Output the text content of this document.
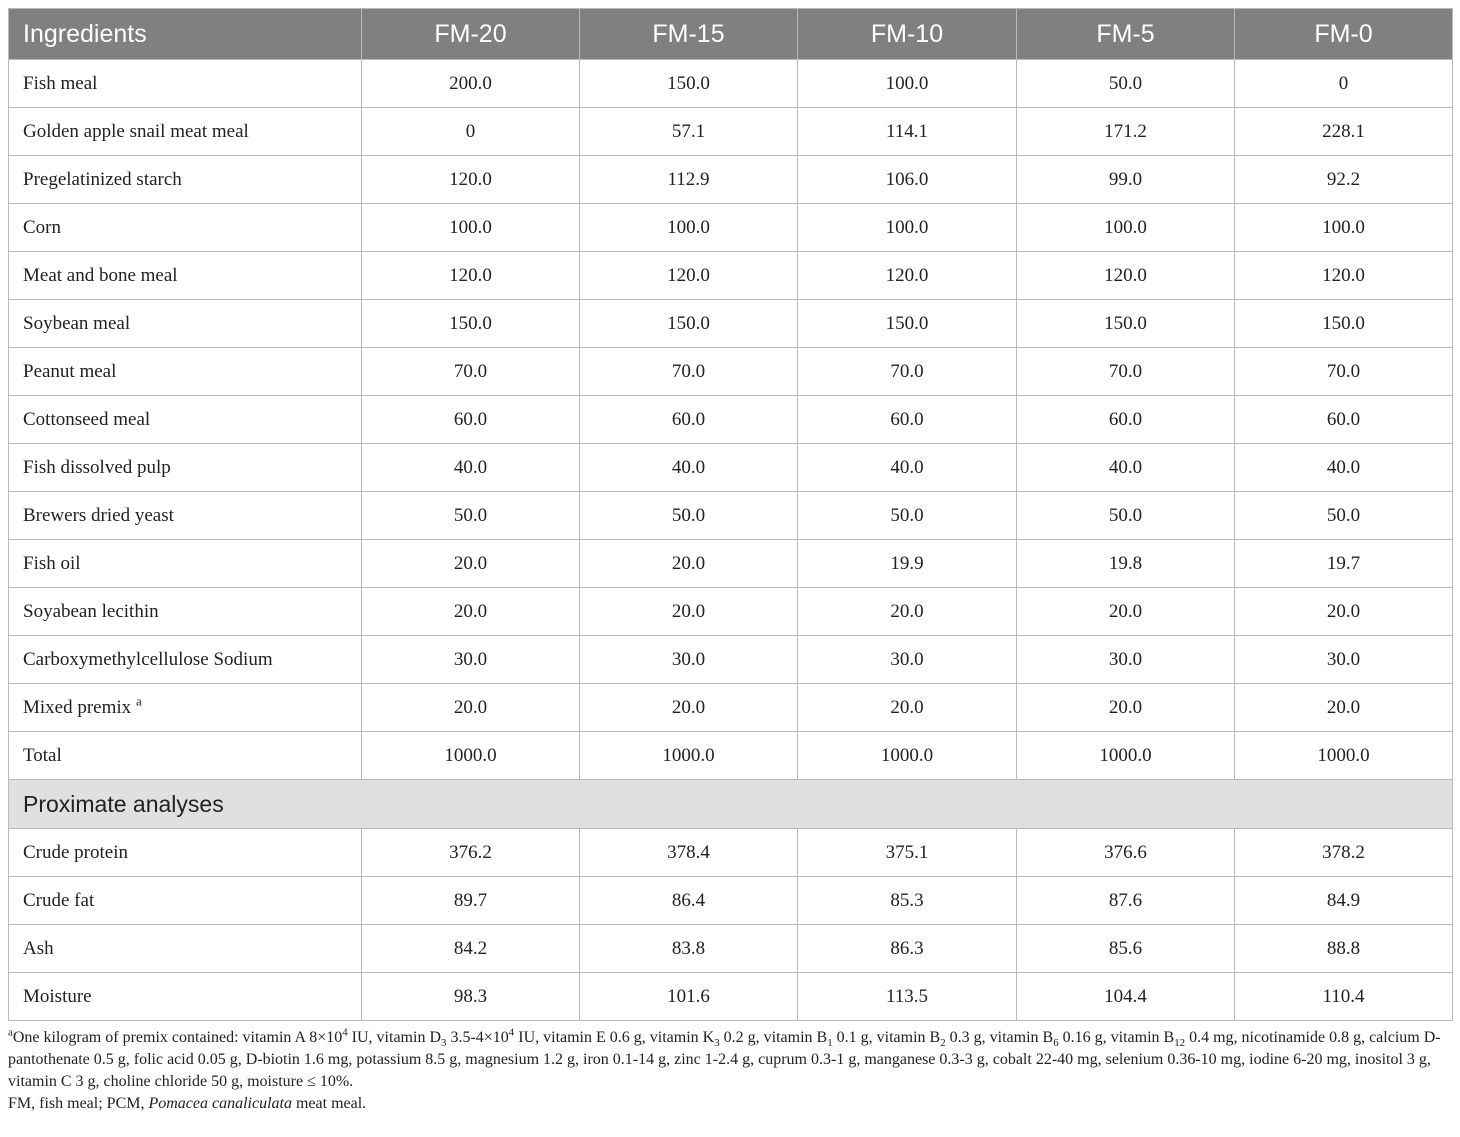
Ingredients	FM-20	FM-15	FM-10	FM-5	FM-0
Fish meal	200.0	150.0	100.0	50.0	0
Golden apple snail meat meal	0	57.1	114.1	171.2	228.1
Pregelatinized starch	120.0	112.9	106.0	99.0	92.2
Corn	100.0	100.0	100.0	100.0	100.0
Meat and bone meal	120.0	120.0	120.0	120.0	120.0
Soybean meal	150.0	150.0	150.0	150.0	150.0
Peanut meal	70.0	70.0	70.0	70.0	70.0
Cottonseed meal	60.0	60.0	60.0	60.0	60.0
Fish dissolved pulp	40.0	40.0	40.0	40.0	40.0
Brewers dried yeast	50.0	50.0	50.0	50.0	50.0
Fish oil	20.0	20.0	19.9	19.8	19.7
Soyabean lecithin	20.0	20.0	20.0	20.0	20.0
Carboxymethylcellulose Sodium	30.0	30.0	30.0	30.0	30.0
Mixed premix $^a$	20.0	20.0	20.0	20.0	20.0
Total	1000.0	1000.0	1000.0	1000.0	1000.0
Proximate analyses					
Crude protein	376.2	378.4	375.1	376.6	378.2
Crude fat	89.7	86.4	85.3	87.6	84.9
Ash	84.2	83.8	86.3	85.6	88.8
Moisture	98.3	101.6	113.5	104.4	110.4

$^a$One kilogram of premix contained: vitamin A $8\times 10^4$ IU, vitamin $D_3$ $3.5-4\times 10^4$ IU, vitamin E 0.6 g, vitamin $K_3$ 0.2 g, vitamin $B_1$ 0.1 g, vitamin $B_2$ 0.3 g, vitamin $B_6$ 0.16 g, vitamin $B_{12}$ 0.4 mg, nicotinamide 0.8 g, calcium D-pantothenate 0.5 g, folic acid 0.05 g, D-biotin 1.6 mg, potassium 8.5 g, magnesium 1.2 g, iron 0.1-14 g, zinc 1-2.4 g, cuprum 0.3-1 g, manganese 0.3-3 g, cobalt 22-40 mg, selenium 0.36-10 mg, iodine 6-20 mg, inositol 3 g, vitamin C 3 g, choline chloride 50 g, moisture ≤ 10%.

FM, fish meal; PCM, Pomacea canaliculata meat meal.
